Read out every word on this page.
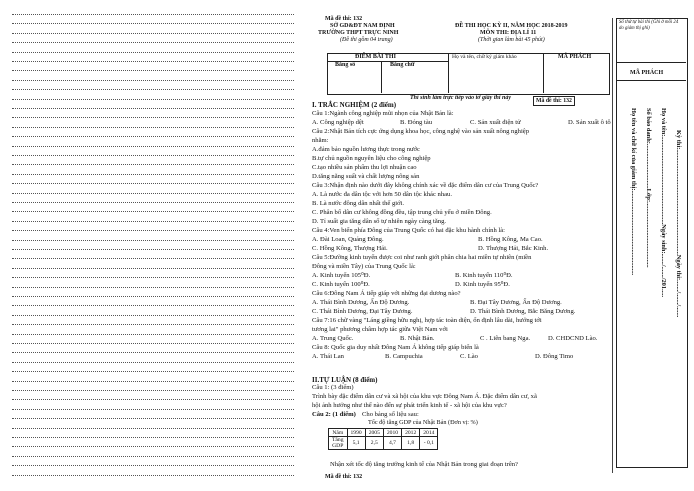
Mã đề thi: 132
SỞ GD&ĐT NAM ĐỊNH
TRƯỜNG THPT TRỰC NINH
(Đề thi gồm 04 trang)
ĐỀ THI HỌC KỲ II, NĂM HỌC 2018-2019
MÔN THI: ĐỊA LÍ 11
(Thời gian làm bài 45 phút)
ĐIỂM BÀI THI	Họ và tên, chữ ký giám khảo	MÃ PHÁCH
Bằng số	Bằng chữ
Thí sinh làm trực tiếp vào tờ giấy thi này	Mã đề thi: 132
I. TRẮC NGHIỆM (2 điểm)
Câu 1:Ngành công nghiệp mũi nhọn của Nhật Bản là:
A. Công nghiệp dệt	B. Đóng tàu	C. Sản xuất điện tử	D. Sản xuất ô tô
Câu 2:Nhật Bản tích cực ứng dụng khoa học, công nghệ vào sản xuất nông nghiệp
nhằm:
A.đảm bảo nguồn lương thực trong nước
B.tự chủ nguồn nguyên liệu cho công nghiệp
C.tạo nhiều sản phẩm thu lợi nhuận cao
D.tăng năng suất và chất lượng nông sản
Câu 3:Nhận định nào dưới đây không chính xác về đặc điểm dân cư của Trung Quốc?
A. Là nước đa dân tộc với hơn 50 dân tộc khác nhau.
B. Là nước đông dân nhất thế giới.
C. Phân bố dân cư không đồng đều, tập trung chủ yếu ở miền Đông.
D. Tỉ suất gia tăng dân số tự nhiên ngày càng tăng.
Câu 4:Ven biển phía Đông của Trung Quốc có hai đặc khu hành chính là:
A. Đài Loan, Quảng Đông.	B. Hồng Kông, Ma Cao.
C. Hồng Kông, Thượng Hải.	D. Thượng Hải, Bắc Kinh.
Câu 5:Đường kinh tuyến được coi như ranh giới phân chia hai miền tự nhiên (miền
Đông và miền Tây) của Trung Quốc là:
A. Kinh tuyến 105⁰Đ.	B. Kinh tuyến 110⁰Đ.
C. Kinh tuyến 100⁰Đ.	D. Kinh tuyến 95⁰Đ.
Câu 6:Đông Nam Á tiếp giáp với những đại dương nào?
A. Thái Bình Dương, Ấn Độ Dương.	B. Đại Tây Dương, Ấn Độ Dương.
C. Thái Bình Dương, Đại Tây Dương.	D. Thái Bình Dương, Bắc Băng Dương.
Câu 7:16 chữ vàng "Láng giềng hữu nghị, hợp tác toàn diện, ổn định lâu dài, hướng tới
tương lai" phương châm hợp tác giữa Việt Nam với
A. Trung Quốc.	B. Nhật Bản.	C . Liên bang Nga.	D. CHDCND Lào.
Câu 8: Quốc gia duy nhất Đông Nam Á không tiếp giáp biển là
A. Thái Lan	B. Campuchia	C. Lào	D. Đông Timo
II.TỰ LUẬN (8 điểm)
Câu 1: (3 điểm)
Trình bày đặc điểm dân cư và xã hội của khu vực Đông Nam Á. Đặc điểm dân cư, xã
hội ảnh hưởng như thế nào đến sự phát triển kinh tế - xã hội của khu vực?
Câu 2: (1 điểm) Cho bảng số liệu sau:
Tốc độ tăng GDP của Nhật Bản (Đơn vị: %)
Năm	1990	2005	2010	2012	2014
Tăng
GDP	5,1	2,5	4,7	1,8	- 0,1
Nhận xét tốc độ tăng trưởng kinh tế của Nhật Bản trong giai đoạn trên?
Mã đề thi: 132
Số thứ tự bài thi (Ghi ở mỗi 24 do giám thị ghi)
MÃ PHÁCH
Họ tên và chữ kí của giám thị:..................................................... Số báo danh:............................Lớp:......................................... Họ và tên:.......................................................Ngày sinh:......./......./201..... Kỳ thi:..................................................................Ngày thi:......./......./.......
